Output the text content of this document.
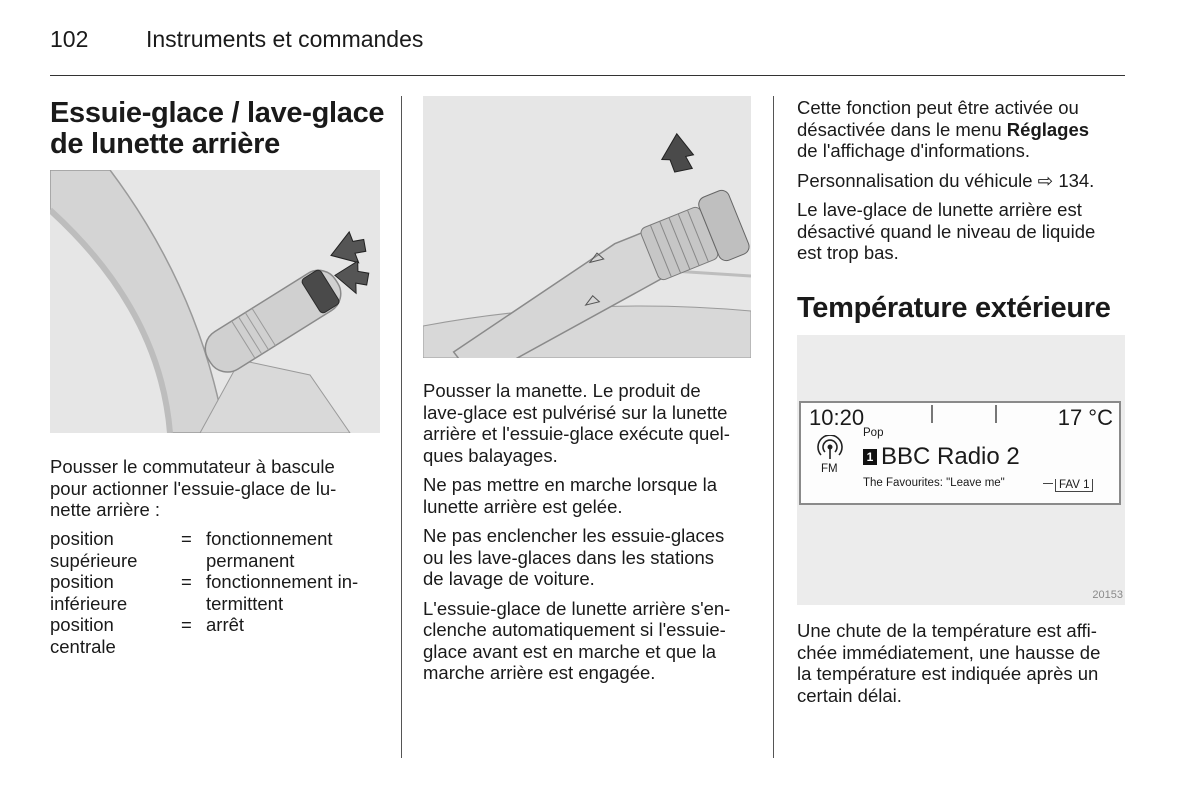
102	Instruments et commandes
Essuie-glace / lave-glace
de lunette arrière

Pousser le commutateur à bascule
pour actionner l'essuie-glace de lu-
nette arrière :

position
supérieure
= fonctionnement
permanent
position
inférieure
= fonctionnement in-
termittent
position
centrale
= arrêt

Pousser la manette. Le produit de
lave-glace est pulvérisé sur la lunette
arrière et l'essuie-glace exécute quel-
ques balayages.

Ne pas mettre en marche lorsque la
lunette arrière est gelée.

Ne pas enclencher les essuie-glaces
ou les lave-glaces dans les stations
de lavage de voiture.

L'essuie-glace de lunette arrière s'en-
clenche automatiquement si l'essuie-
glace avant est en marche et que la
marche arrière est engagée.

Cette fonction peut être activée ou
désactivée dans le menu Réglages
de l'affichage d'informations.

Personnalisation du véhicule ⇨ 134.

Le lave-glace de lunette arrière est
désactivé quand le niveau de liquide
est trop bas.

Température extérieure
10:20	17 °C
FM
Pop
1 BBC Radio 2
The Favourites: "Leave me"	FAV 1
20153

Une chute de la température est affi-
chée immédiatement, une hausse de
la température est indiquée après un
certain délai.
